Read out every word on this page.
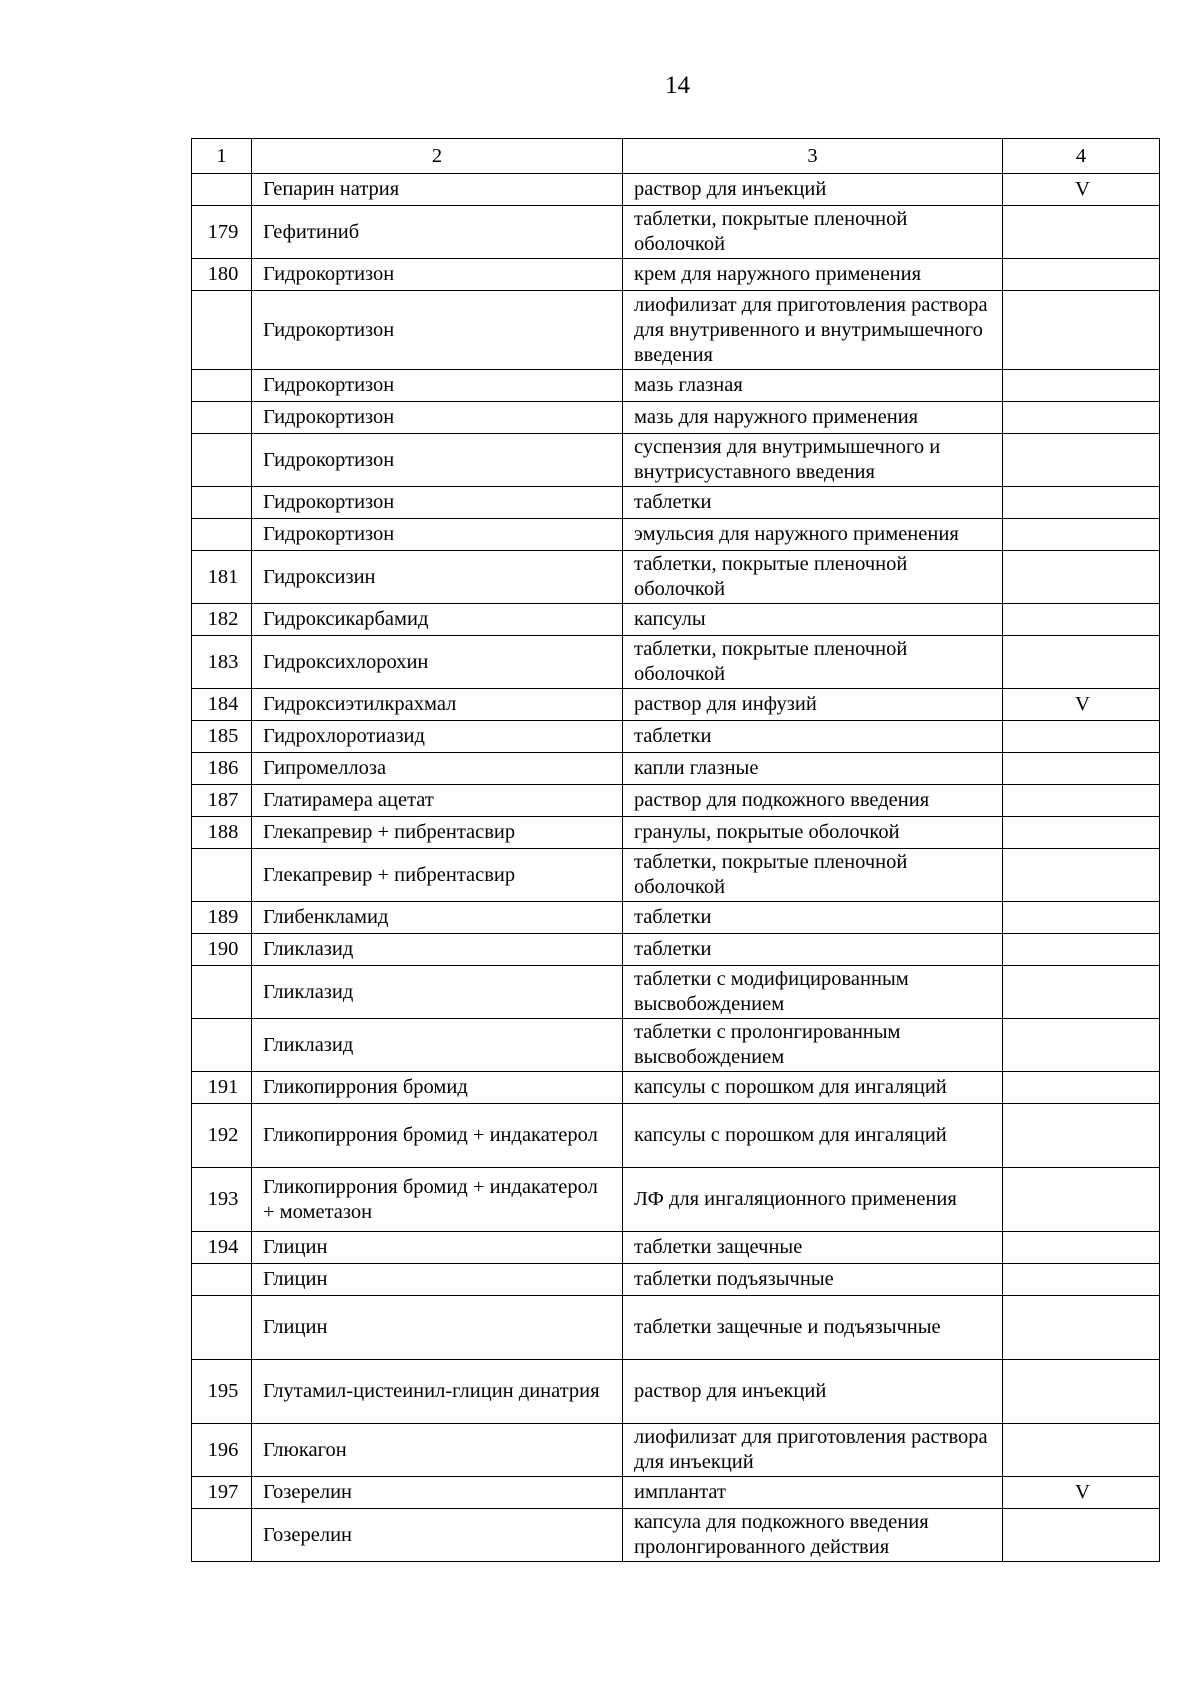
14
1	2	3	4
	Гепарин натрия	раствор для инъекций	V
179	Гефитиниб	таблетки, покрытые пленочной оболочкой	
180	Гидрокортизон	крем для наружного применения	
	Гидрокортизон	лиофилизат для приготовления раствора для внутривенного и внутримышечного введения	
	Гидрокортизон	мазь глазная	
	Гидрокортизон	мазь для наружного применения	
	Гидрокортизон	суспензия для внутримышечного и внутрисуставного введения	
	Гидрокортизон	таблетки	
	Гидрокортизон	эмульсия для наружного применения	
181	Гидроксизин	таблетки, покрытые пленочной оболочкой	
182	Гидроксикарбамид	капсулы	
183	Гидроксихлорохин	таблетки, покрытые пленочной оболочкой	
184	Гидроксиэтилкрахмал	раствор для инфузий	V
185	Гидрохлоротиазид	таблетки	
186	Гипромеллоза	капли глазные	
187	Глатирамера ацетат	раствор для подкожного введения	
188	Глекапревир + пибрентасвир	гранулы, покрытые оболочкой	
	Глекапревир + пибрентасвир	таблетки, покрытые пленочной оболочкой	
189	Глибенкламид	таблетки	
190	Гликлазид	таблетки	
	Гликлазид	таблетки с модифицированным высвобождением	
	Гликлазид	таблетки с пролонгированным высвобождением	
191	Гликопиррония бромид	капсулы с порошком для ингаляций	
192	Гликопиррония бромид + индакатерол	капсулы с порошком для ингаляций	
193	Гликопиррония бромид + индакатерол + мометазон	ЛФ для ингаляционного применения	
194	Глицин	таблетки защечные	
	Глицин	таблетки подъязычные	
	Глицин	таблетки защечные и подъязычные	
195	Глутамил-цистеинил-глицин динатрия	раствор для инъекций	
196	Глюкагон	лиофилизат для приготовления раствора для инъекций	
197	Гозерелин	имплантат	V
	Гозерелин	капсула для подкожного введения пролонгированного действия	
